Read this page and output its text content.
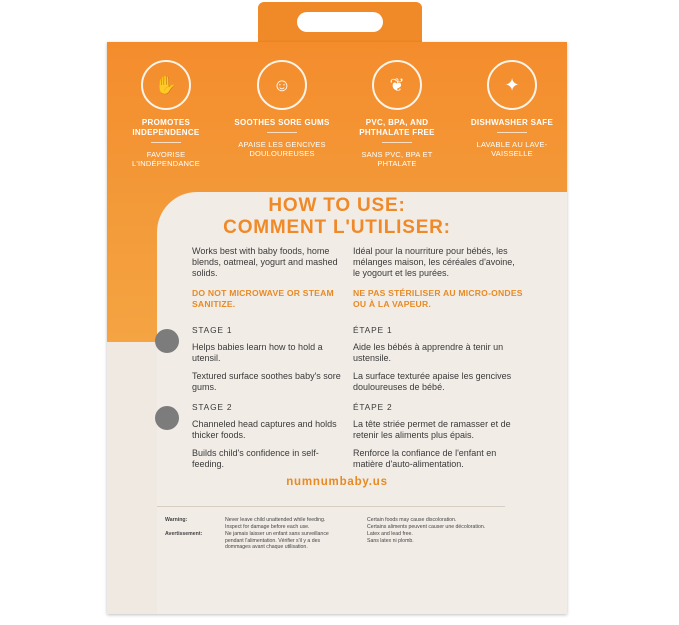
✋
PROMOTES INDEPENDENCE
FAVORISE L'INDÉPENDANCE
☺
SOOTHES SORE GUMS
APAISE LES GENCIVES DOULOUREUSES
❦
PVC, BPA, AND PHTHALATE FREE
SANS PVC, BPA ET PHTALATE
✦
DISHWASHER SAFE
LAVABLE AU LAVE-VAISSELLE
HOW TO USE:
COMMENT L'UTILISER:
Works best with baby foods, home blends, oatmeal, yogurt and mashed solids.
DO NOT MICROWAVE OR STEAM SANITIZE.
Idéal pour la nourriture pour bébés, les mélanges maison, les céréales d'avoine, le yogourt et les purées.
NE PAS STÉRILISER AU MICRO-ONDES OU À LA VAPEUR.
STAGE 1
Helps babies learn how to hold a utensil.
Textured surface soothes baby's sore gums.
ÉTAPE 1
Aide les bébés à apprendre à tenir un ustensile.
La surface texturée apaise les gencives douloureuses de bébé.
STAGE 2
Channeled head captures and holds thicker foods.
Builds child's confidence in self-feeding.
ÉTAPE 2
La tête striée permet de ramasser et de retenir les aliments plus épais.
Renforce la confiance de l'enfant en matière d'auto-alimentation.
numnumbaby.us
Warning:	Never leave child unattended while feeding. Inspect for damage before each use.
Avertissement:	Ne jamais laisser un enfant sans surveillance pendant l'alimentation. Vérifier s'il y a des dommages avant chaque utilisation.
Certain foods may cause discoloration.
Certains aliments peuvent causer une décoloration.
Latex and lead free.
Sans latex ni plomb.
